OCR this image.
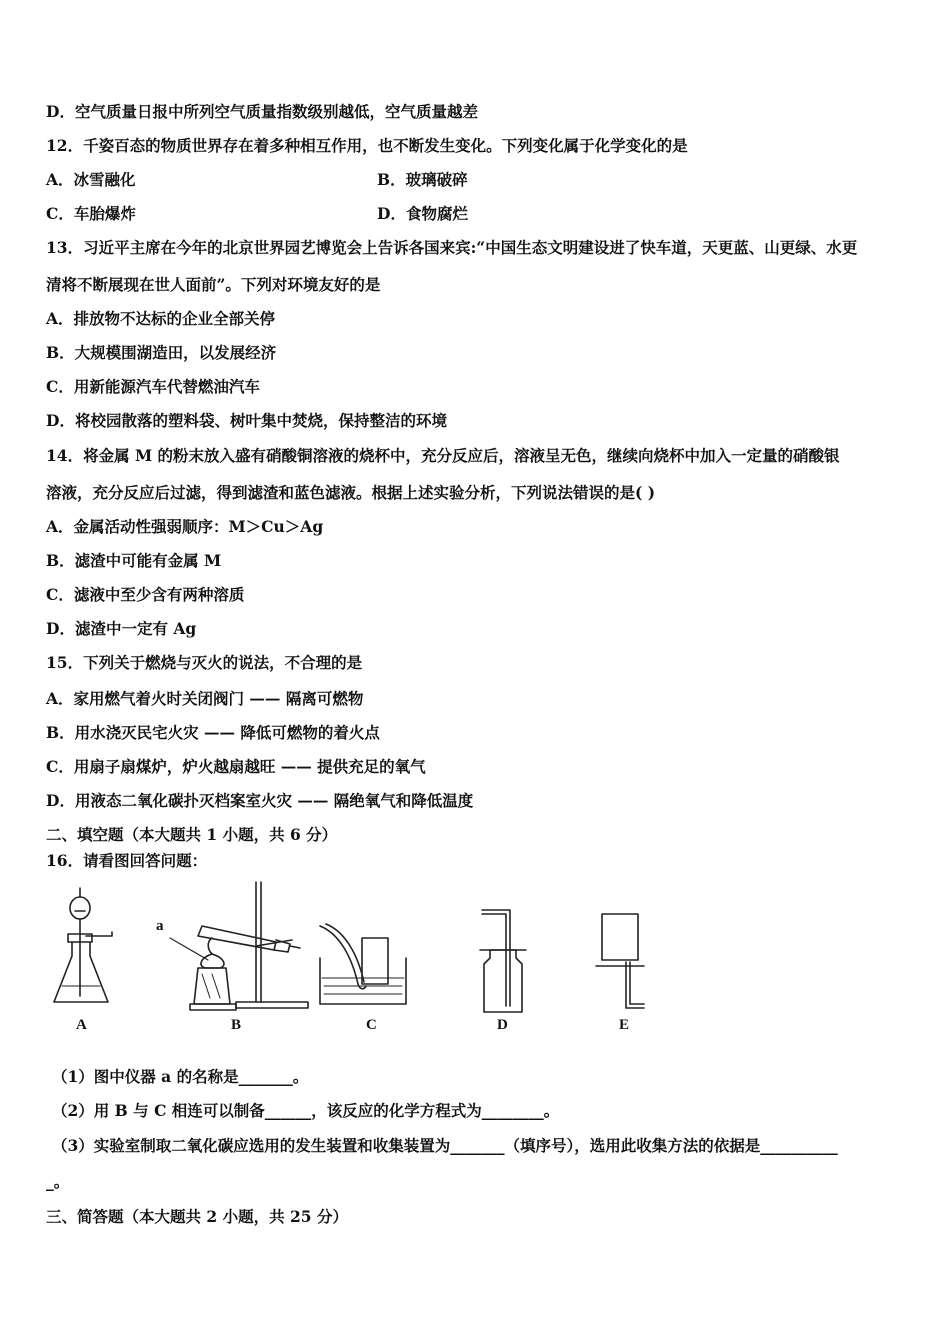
D．空气质量日报中所列空气质量指数级别越低，空气质量越差
12．千姿百态的物质世界存在着多种相互作用，也不断发生变化。下列变化属于化学变化的是
A．冰雪融化	B．玻璃破碎
C．车胎爆炸	D．食物腐烂
13．习近平主席在今年的北京世界园艺博览会上告诉各国来宾:“中国生态文明建设进了快车道，天更蓝、山更绿、水更
清将不断展现在世人面前”。下列对环境友好的是
A．排放物不达标的企业全部关停
B．大规模围湖造田，以发展经济
C．用新能源汽车代替燃油汽车
D．将校园散落的塑料袋、树叶集中焚烧，保持整洁的环境
14．将金属 M 的粉末放入盛有硝酸铜溶液的烧杯中，充分反应后，溶液呈无色，继续向烧杯中加入一定量的硝酸银
溶液，充分反应后过滤，得到滤渣和蓝色滤液。根据上述实验分析，下列说法错误的是( )
A．金属活动性强弱顺序：M＞Cu＞Ag
B．滤渣中可能有金属 M
C．滤液中至少含有两种溶质
D．滤渣中一定有 Ag
15．下列关于燃烧与灭火的说法，不合理的是
A．家用燃气着火时关闭阀门 —— 隔离可燃物
B．用水浇灭民宅火灾 —— 降低可燃物的着火点
C．用扇子扇煤炉，炉火越扇越旺 —— 提供充足的氧气
D．用液态二氧化碳扑灭档案室火灾 —— 隔绝氧气和降低温度
二、填空题（本大题共 1 小题，共 6 分）
16．请看图回答问题：
a
A	B	C	D	E
（1）图中仪器 a 的名称是_______。
（2）用 B 与 C 相连可以制备______，该反应的化学方程式为________。
（3）实验室制取二氧化碳应选用的发生装置和收集装置为_______（填序号），选用此收集方法的依据是__________
_。
三、简答题（本大题共 2 小题，共 25 分）
